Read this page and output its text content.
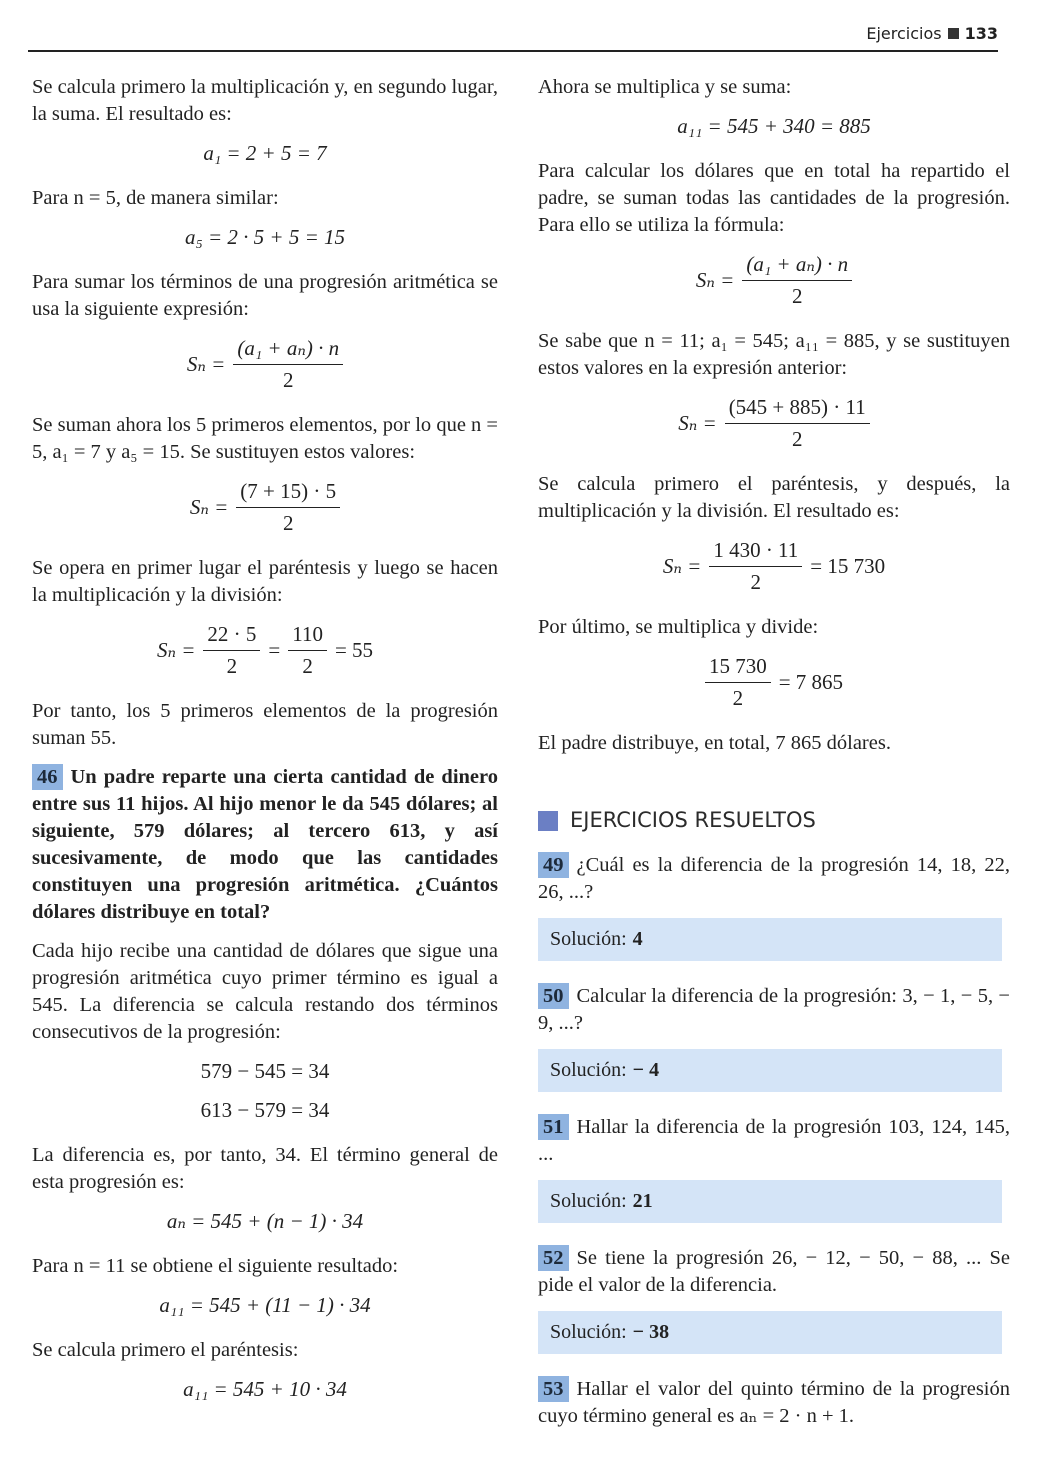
Ejercicios 133

Se calcula primero la multiplicación y, en segundo lugar, la suma. El resultado es:

a₁ = 2 + 5 = 7

Para n = 5, de manera similar:

a₅ = 2 · 5 + 5 = 15

Para sumar los términos de una progresión aritmética se usa la siguiente expresión:

$S_n = \frac{\text{(a₁ + aₙ) · n}}{2}$

Se suman ahora los 5 primeros elementos, por lo que n = 5, a₁ = 7 y a₅ = 15. Se sustituyen estos valores:

$S_n = \frac{(7 + 15) \cdot 5}{2}$

Se opera en primer lugar el paréntesis y luego se hacen la multiplicación y la división:

$S_n = \frac{22 \cdot 5}{2} = \frac{110}{2} = 55$

Por tanto, los 5 primeros elementos de la progresión suman 55.

46 Un padre reparte una cierta cantidad de dinero entre sus 11 hijos. Al hijo menor le da 545 dólares; al siguiente, 579 dólares; al tercero 613, y así sucesivamente, de modo que las cantidades constituyen una progresión aritmética. ¿Cuántos dólares distribuye en total?

Cada hijo recibe una cantidad de dólares que sigue una progresión aritmética cuyo primer término es igual a 545. La diferencia se calcula restando dos términos consecutivos de la progresión:

579 − 545 = 34
613 − 579 = 34

La diferencia es, por tanto, 34. El término general de esta progresión es:

aₙ = 545 + (n − 1) · 34

Para n = 11 se obtiene el siguiente resultado:

a₁₁ = 545 + (11 − 1) · 34

Se calcula primero el paréntesis:

a₁₁ = 545 + 10 · 34

Ahora se multiplica y se suma:

a₁₁ = 545 + 340 = 885

Para calcular los dólares que en total ha repartido el padre, se suman todas las cantidades de la progresión. Para ello se utiliza la fórmula:

$S_n = \frac{\text{(a₁ + aₙ) · n}}{2}$

Se sabe que n = 11; a₁ = 545; a₁₁ = 885, y se sustituyen estos valores en la expresión anterior:

$S_n = \frac{(545 + 885) \cdot 11}{2}$

Se calcula primero el paréntesis, y después, la multiplicación y la división. El resultado es:

$S_n = \frac{1 430 \cdot 11}{2} = 15$ 730

Por último, se multiplica y divide:

$\frac{15 730}{2} = 7$ 865

El padre distribuye, en total, 7 865 dólares.

EJERCICIOS RESUELTOS

49 ¿Cuál es la diferencia de la progresión 14, 18, 22, 26, ...?

Solución: 4

50 Calcular la diferencia de la progresión: 3, − 1, − 5, − 9, ...?

Solución: − 4

51 Hallar la diferencia de la progresión 103, 124, 145, ...

Solución: 21

52 Se tiene la progresión 26, − 12, − 50, − 88, ... Se pide el valor de la diferencia.

Solución: − 38

53 Hallar el valor del quinto término de la progresión cuyo término general es aₙ = 2 · n + 1.
